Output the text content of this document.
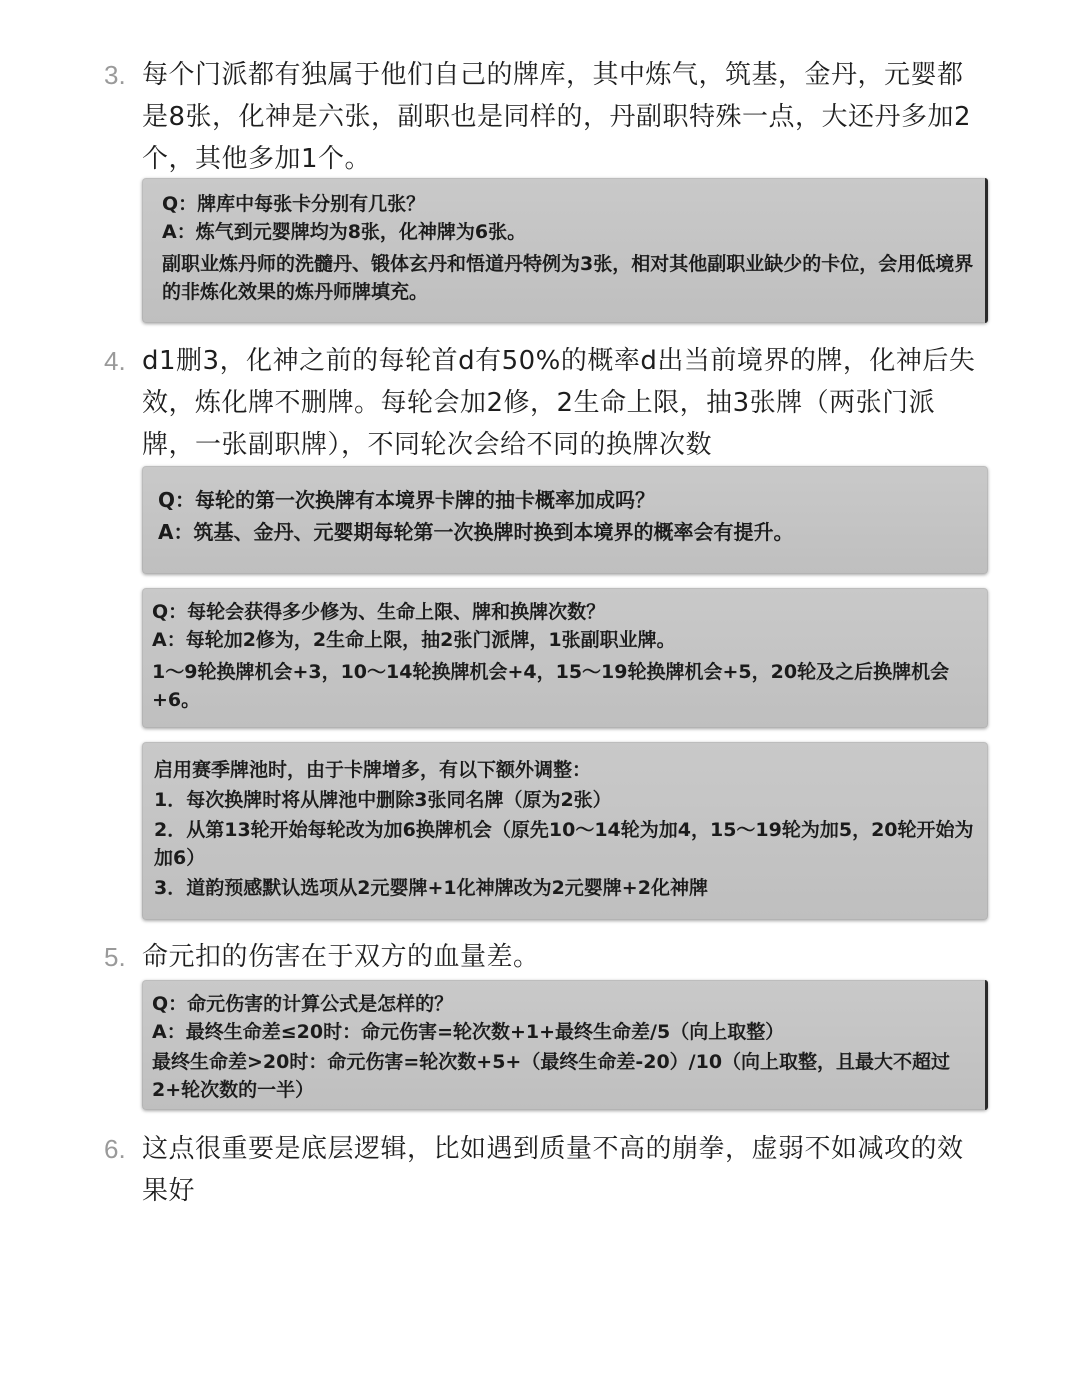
3. 每个门派都有独属于他们自己的牌库，其中炼气，筑基，金丹，元婴都是8张，化神是六张，副职也是同样的，丹副职特殊一点，大还丹多加2个，其他多加1个。
Q：牌库中每张卡分别有几张？
A：炼气到元婴牌均为8张，化神牌为6张。
副职业炼丹师的洗髓丹、锻体玄丹和悟道丹特例为3张，相对其他副职业缺少的卡位，会用低境界的非炼化效果的炼丹师牌填充。
4. d1删3，化神之前的每轮首d有50%的概率d出当前境界的牌，化神后失效，炼化牌不删牌。每轮会加2修，2生命上限，抽3张牌（两张门派牌，一张副职牌），不同轮次会给不同的换牌次数
Q：每轮的第一次换牌有本境界卡牌的抽卡概率加成吗？
A：筑基、金丹、元婴期每轮第一次换牌时换到本境界的概率会有提升。
Q：每轮会获得多少修为、生命上限、牌和换牌次数？
A：每轮加2修为，2生命上限，抽2张门派牌，1张副职业牌。
1～9轮换牌机会+3，10～14轮换牌机会+4，15～19轮换牌机会+5，20轮及之后换牌机会+6。
启用赛季牌池时，由于卡牌增多，有以下额外调整：
1．每次换牌时将从牌池中删除3张同名牌（原为2张）
2．从第13轮开始每轮改为加6换牌机会（原先10～14轮为加4，15～19轮为加5，20轮开始为加6）
3．道韵预感默认选项从2元婴牌+1化神牌改为2元婴牌+2化神牌
5. 命元扣的伤害在于双方的血量差。
Q：命元伤害的计算公式是怎样的？
A：最终生命差≤20时：命元伤害=轮次数+1+最终生命差/5（向上取整）
最终生命差>20时：命元伤害=轮次数+5+（最终生命差-20）/10（向上取整，且最大不超过2+轮次数的一半）
6. 这点很重要是底层逻辑，比如遇到质量不高的崩拳，虚弱不如减攻的效果好
